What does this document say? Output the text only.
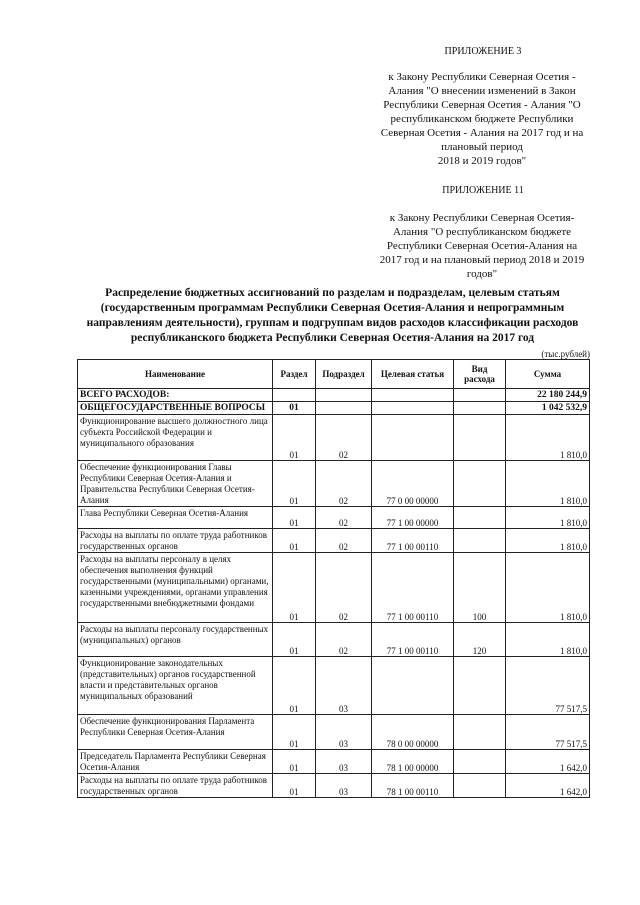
ПРИЛОЖЕНИЕ 3
к Закону Республики Северная Осетия -
Алания "О внесении изменений в Закон
Республики Северная Осетия - Алания "О
республиканском бюджете Республики
Северная Осетия - Алания на 2017 год и на
плановый период
2018 и 2019 годов"
ПРИЛОЖЕНИЕ 11
к Закону Республики Северная Осетия-
Алания "О республиканском бюджете
Республики Северная Осетия-Алания на
2017 год и на плановый период 2018 и 2019
годов"
Распределение бюджетных ассигнований по разделам и подразделам, целевым статьям
(государственным программам Республики Северная Осетия-Алания и непрограммным
направлениям деятельности), группам и подгруппам видов расходов классификации расходов
республиканского бюджета Республики Северная Осетия-Алания на 2017 год
(тыс.рублей)
Наименование	Раздел	Подраздел	Целевая статья	Вид расхода	Сумма
ВСЕГО РАСХОДОВ:					22 180 244,9
ОБЩЕГОСУДАРСТВЕННЫЕ ВОПРОСЫ	01				1 042 532,9
Функционирование высшего должностного лица субъекта Российской Федерации и муниципального образования	01	02			1 810,0
Обеспечение функционирования Главы Республики Северная Осетия-Алания и Правительства Республики Северная Осетия-Алания	01	02	77 0 00 00000		1 810,0
Глава Республики Северная Осетия-Алания	01	02	77 1 00 00000		1 810,0
Расходы на выплаты по оплате труда работников государственных органов	01	02	77 1 00 00110		1 810,0
Расходы на выплаты персоналу в целях обеспечения выполнения функций государственными (муниципальными) органами, казенными учреждениями, органами управления государственными внебюджетными фондами	01	02	77 1 00 00110	100	1 810,0
Расходы на выплаты персоналу государственных (муниципальных) органов	01	02	77 1 00 00110	120	1 810,0
Функционирование законодательных (представительных) органов государственной власти и представительных органов муниципальных образований	01	03			77 517,5
Обеспечение функционирования Парламента Республики Северная Осетия-Алания	01	03	78 0 00 00000		77 517,5
Председатель Парламента Республики Северная Осетия-Алания	01	03	78 1 00 00000		1 642,0
Расходы на выплаты по оплате труда работников государственных органов	01	03	78 1 00 00110		1 642,0
